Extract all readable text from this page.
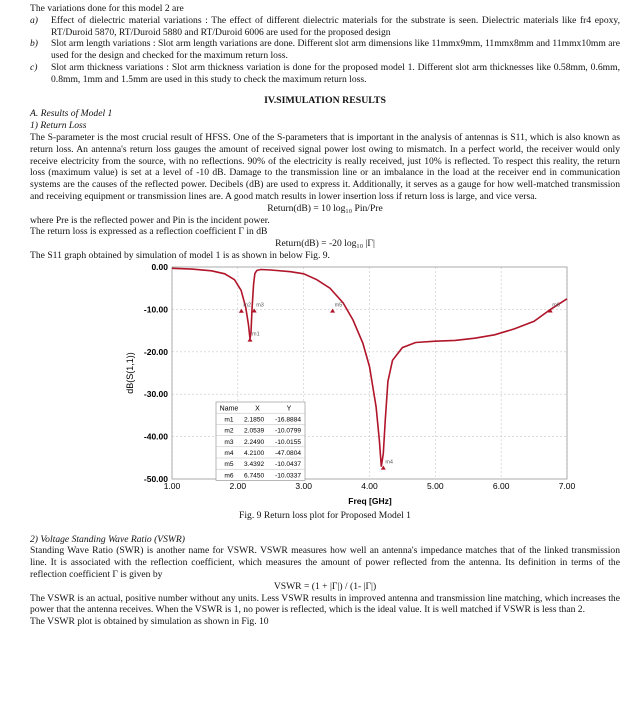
The variations done for this model 2 are

a)	Effect of dielectric material variations : The effect of different dielectric materials for the substrate is seen. Dielectric materials like fr4 epoxy, RT/Duroid 5870, RT/Duroid 5880 and RT/Duroid 6006 are used for the proposed design
b)	Slot arm length variations : Slot arm length variations are done. Different slot arm dimensions like 11mmx9mm, 11mmx8mm and 11mmx10mm are used for the design and checked for the maximum return loss.
c)	Slot arm thickness variations : Slot arm thickness variation is done for the proposed model 1. Different slot arm thicknesses like 0.58mm, 0.6mm, 0.8mm, 1mm and 1.5mm are used in this study to check the maximum return loss.
IV.SIMULATION RESULTS

A. Results of Model 1

1) Return Loss

The S-parameter is the most crucial result of HFSS. One of the S-parameters that is important in the analysis of antennas is S11, which is also known as return loss. An antenna's return loss gauges the amount of received signal power lost owing to mismatch. In a perfect world, the receiver would only receive electricity from the source, with no reflections. 90% of the electricity is really received, just 10% is reflected. To respect this reality, the return loss (maximum value) is set at a level of -10 dB. Damage to the transmission line or an imbalance in the load at the receiver end in communication systems are the causes of the reflected power. Decibels (dB) are used to express it. Additionally, it serves as a gauge for how well-matched transmission and receiving equipment or transmission lines are. A good match results in lower insertion loss if return loss is large, and vice versa.

Return(dB) = 10 log₁₀ Pin/Pre

where Pre is the reflected power and Pin is the incident power.

The return loss is expressed as a reflection coefficient Γ in dB

Return(dB) = -20 log₁₀ |Γ|

The S11 graph obtained by simulation of model 1 is as shown in below Fig. 9.

0.00
-10.00
-20.00
-30.00
-40.00
-50.00
1.00	2.00	3.00	4.00	5.00	6.00	7.00
Freq [GHz]
dB(S(1,1))
m1
m2 m3
m4
m5	m6
Name X	Y
m1 2.1850 -16.8884
m2 2.0539 -10.0799
m3 2.2490 -10.0155
m4 4.2100 -47.0804
m5 3.4392 -10.0437
m6 6.7450 -10.0337

Fig. 9 Return loss plot for Proposed Model 1

2) Voltage Standing Wave Ratio (VSWR)

Standing Wave Ratio (SWR) is another name for VSWR. VSWR measures how well an antenna's impedance matches that of the linked transmission line. It is associated with the reflection coefficient, which measures the amount of power reflected from the antenna. Its definition in terms of the reflection coefficient Γ is given by

VSWR = (1 + |Γ|) / (1- |Γ|)

The VSWR is an actual, positive number without any units. Less VSWR results in improved antenna and transmission line matching, which increases the power that the antenna receives. When the VSWR is 1, no power is reflected, which is the ideal value. It is well matched if VSWR is less than 2.

The VSWR plot is obtained by simulation as shown in Fig. 10
